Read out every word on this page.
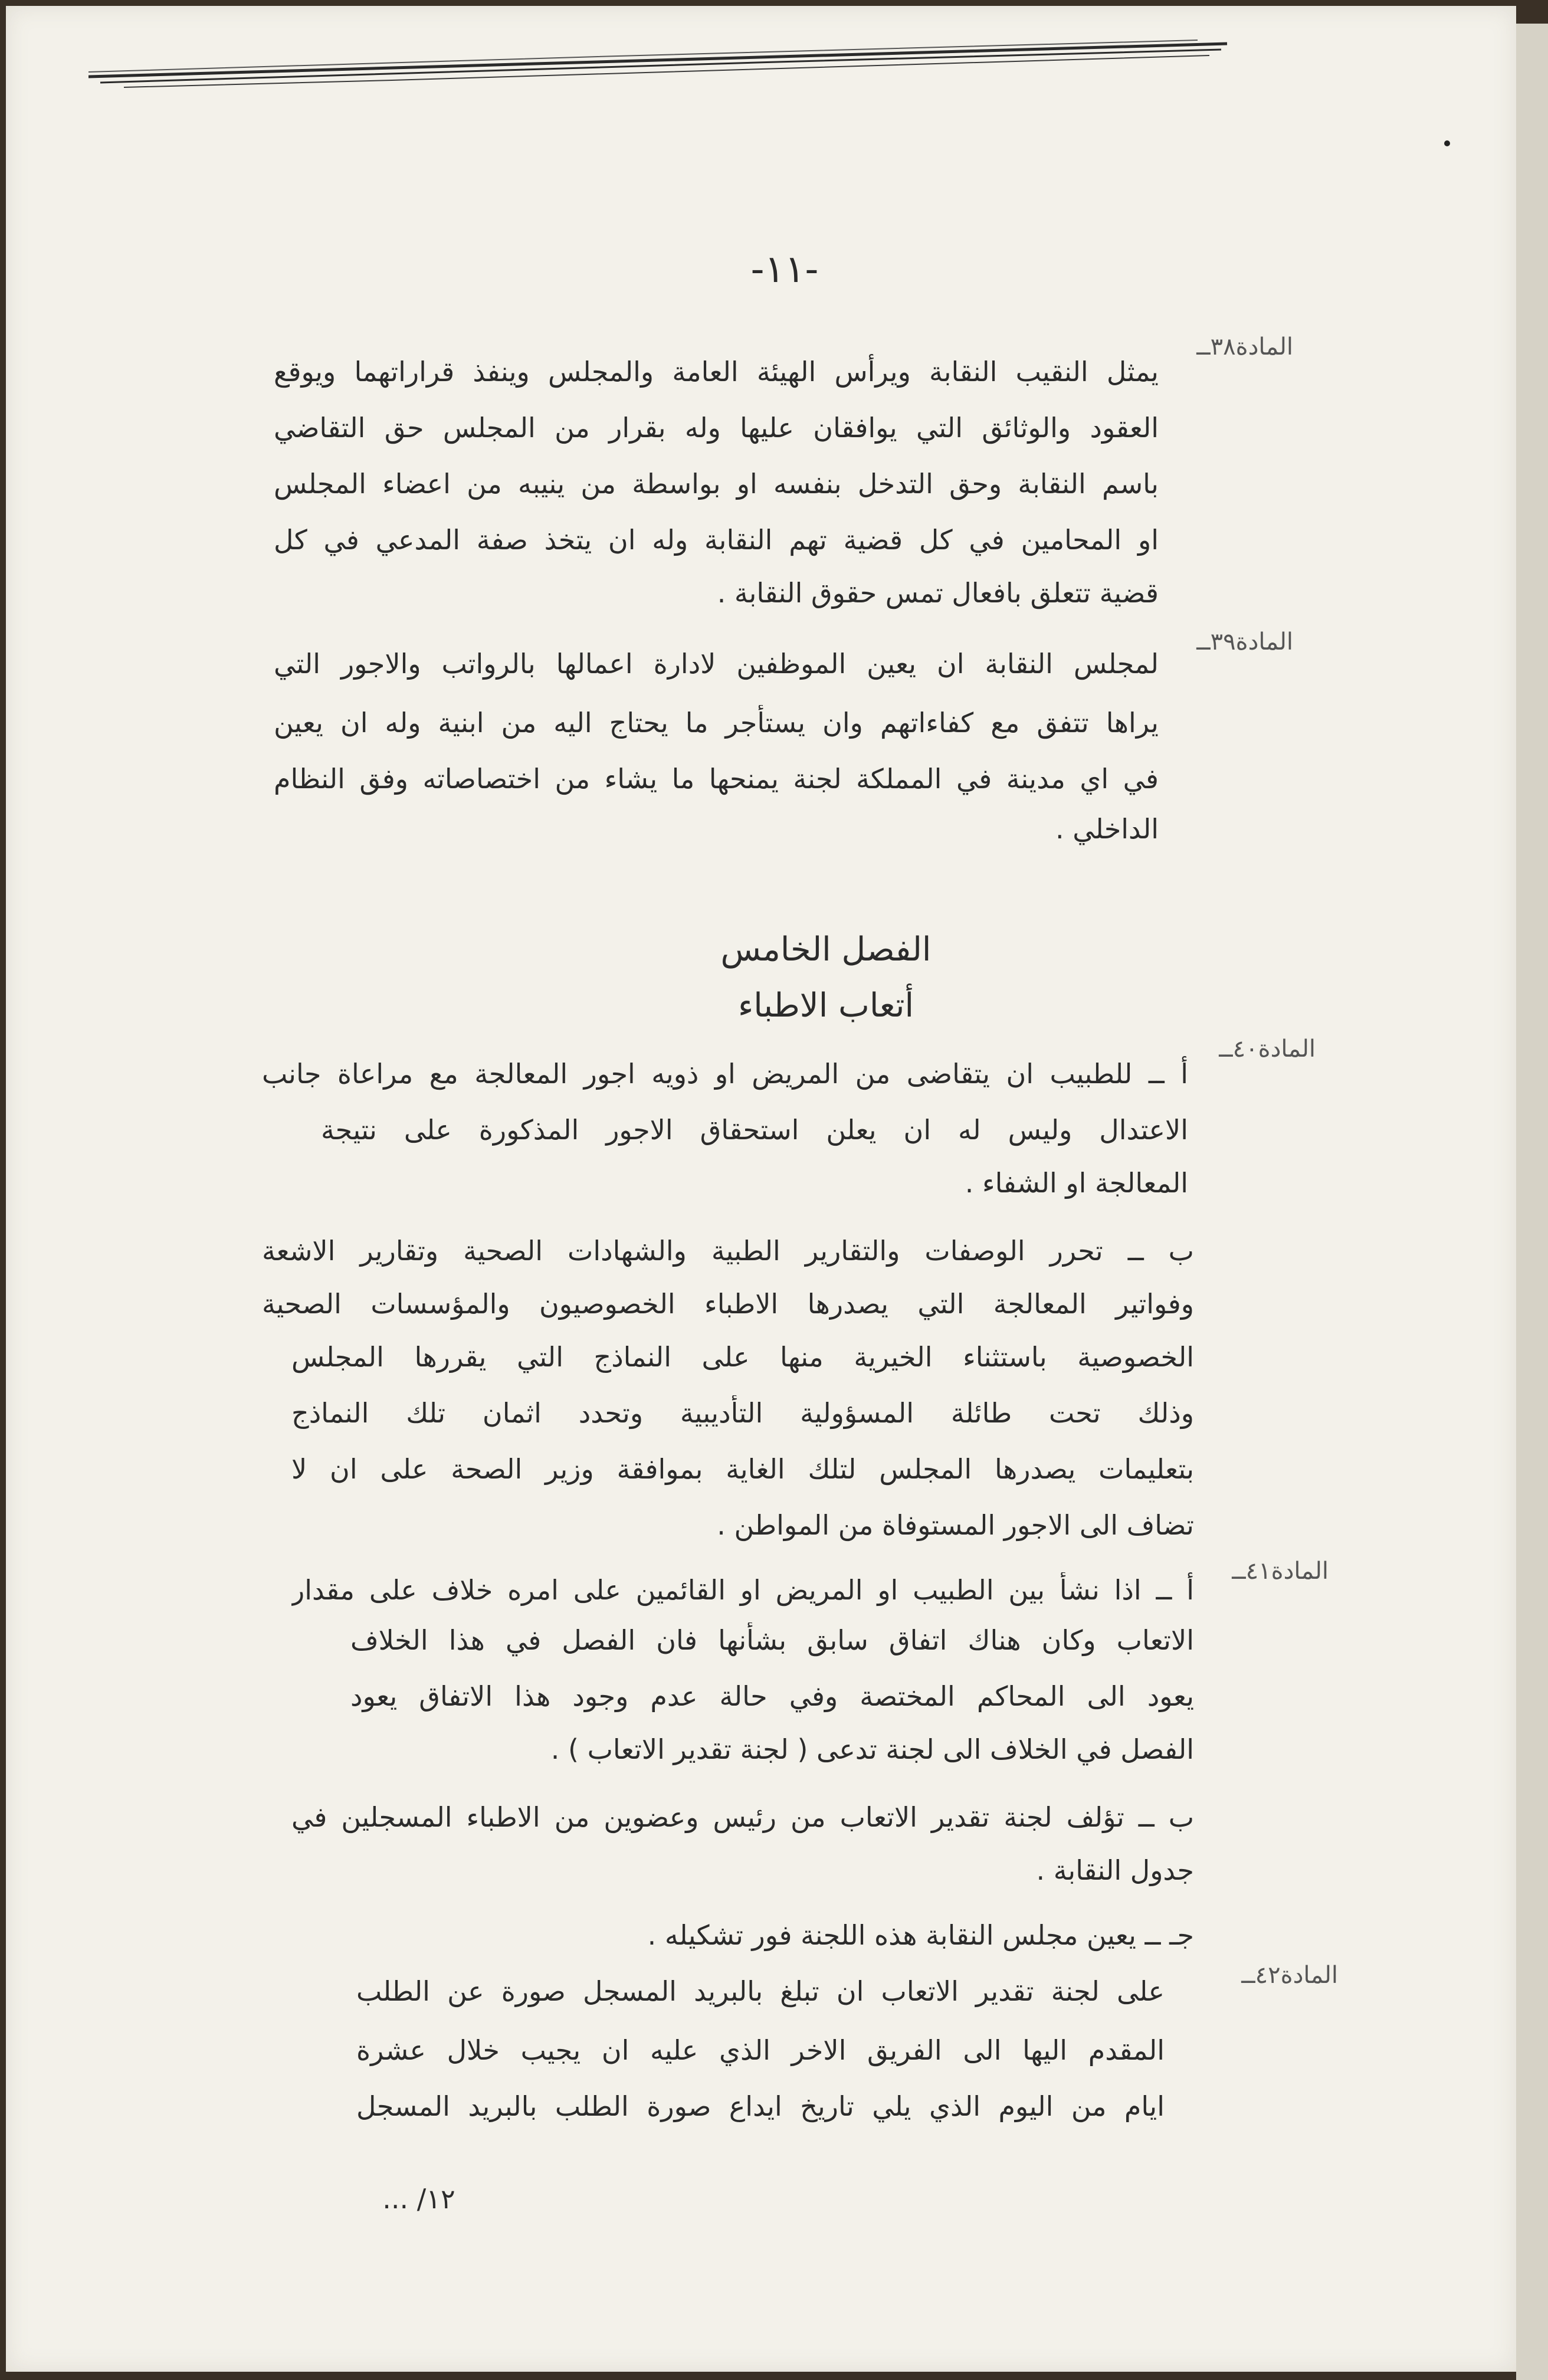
-١١-
المادة٣٨ــ
يمثل النقيب النقابة ويرأس الهيئة العامة والمجلس وينفذ قراراتهما ويوقع
العقود والوثائق التي يوافقان عليها وله بقرار من المجلس حق التقاضي
باسم النقابة وحق التدخل بنفسه او بواسطة من ينيبه من اعضاء المجلس
او المحامين في كل قضية تهم النقابة وله ان يتخذ صفة المدعي في كل
قضية تتعلق بافعال تمس حقوق النقابة .
المادة٣٩ــ
لمجلس النقابة ان يعين الموظفين لادارة اعمالها بالرواتب والاجور التي
يراها تتفق مع كفاءاتهم وان يستأجر ما يحتاج اليه من ابنية وله ان يعين
في اي مدينة في المملكة لجنة يمنحها ما يشاء من اختصاصاته وفق النظام
الداخلي .
الفصل الخامس
أتعاب الاطباء
المادة٤٠ــ
أ ــ للطبيب ان يتقاضى من المريض او ذويه اجور المعالجة مع مراعاة جانب
الاعتدال وليس له ان يعلن استحقاق الاجور المذكورة على نتيجة
المعالجة او الشفاء .
ب ــ تحرر الوصفات والتقارير الطبية والشهادات الصحية وتقارير الاشعة
وفواتير المعالجة التي يصدرها الاطباء الخصوصيون والمؤسسات الصحية
الخصوصية باستثناء الخيرية منها على النماذج التي يقررها المجلس
وذلك تحت طائلة المسؤولية التأديبية وتحدد اثمان تلك النماذج
بتعليمات يصدرها المجلس لتلك الغاية بموافقة وزير الصحة على ان لا
تضاف الى الاجور المستوفاة من المواطن .
المادة٤١ــ
أ ــ اذا نشأ بين الطبيب او المريض او القائمين على امره خلاف على مقدار
الاتعاب وكان هناك اتفاق سابق بشأنها فان الفصل في هذا الخلاف
يعود الى المحاكم المختصة وفي حالة عدم وجود هذا الاتفاق يعود
الفصل في الخلاف الى لجنة تدعى ( لجنة تقدير الاتعاب ) .
ب ــ تؤلف لجنة تقدير الاتعاب من رئيس وعضوين من الاطباء المسجلين في
جدول النقابة .
جـ ــ يعين مجلس النقابة هذه اللجنة فور تشكيله .
المادة٤٢ــ
على لجنة تقدير الاتعاب ان تبلغ بالبريد المسجل صورة عن الطلب
المقدم اليها الى الفريق الاخر الذي عليه ان يجيب خلال عشرة
ايام من اليوم الذي يلي تاريخ ايداع صورة الطلب بالبريد المسجل
١٢/ ...
